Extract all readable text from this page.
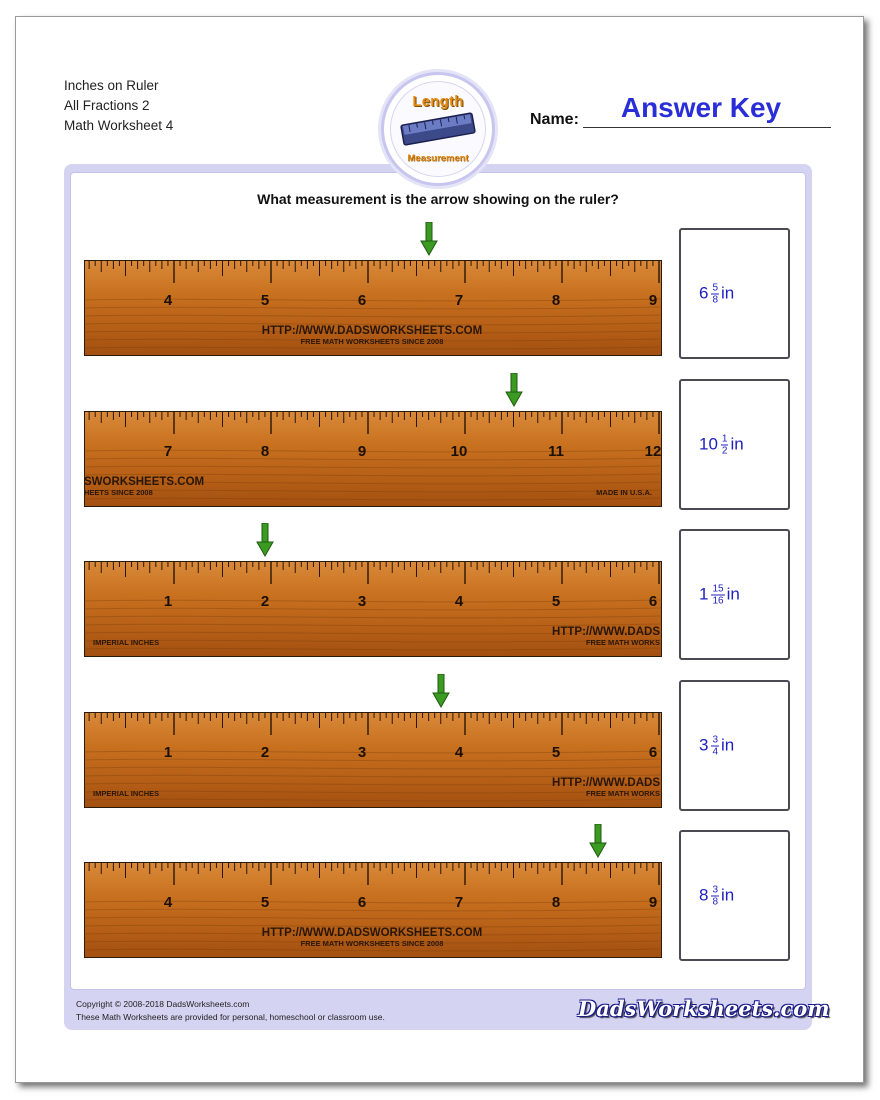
Inches on Ruler
All Fractions 2
Math Worksheet 4
Length
Measurement
Answer Key
Name:
What measurement is the arrow showing on the ruler?
4	5	6	7	8	9
HTTP://WWW.DADSWORKSHEETS.COM
FREE MATH WORKSHEETS SINCE 2008
$6 \frac{5}{8}$ in
7	8	9	10	11	12
SWORKSHEETS.COM
HEETS SINCE 2008	MADE IN U.S.A.
$10 \frac{1}{2}$ in
1	2	3	4	5	6
HTTP://WWW.DADS
FREE MATH WORKS
IMPERIAL INCHES
$1 \frac{15}{16}$ in
1	2	3	4	5	6
HTTP://WWW.DADS
FREE MATH WORKS
IMPERIAL INCHES
$3 \frac{3}{4}$ in
4	5	6	7	8	9
HTTP://WWW.DADSWORKSHEETS.COM
FREE MATH WORKSHEETS SINCE 2008
$8 \frac{3}{8}$ in
Copyright © 2008-2018 DadsWorksheets.com
These Math Worksheets are provided for personal, homeschool or classroom use.	DadsWorksheets.com
